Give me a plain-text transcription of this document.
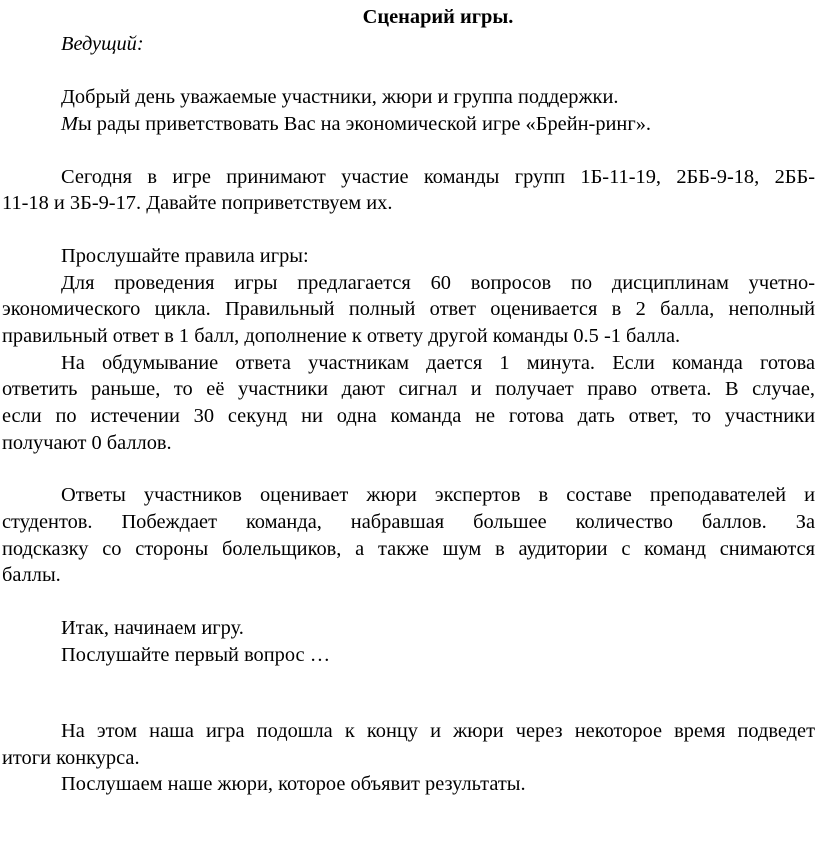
Сценарий игры.
Ведущий:
Добрый день уважаемые участники, жюри и группа поддержки.
Мы рады приветствовать Вас на экономической игре «Брейн-ринг».
Сегодня в игре принимают участие команды групп 1Б-11-19, 2ББ-9-18, 2ББ-
11-18 и 3Б-9-17. Давайте поприветствуем их.
Прослушайте правила игры:
Для проведения игры предлагается 60 вопросов по дисциплинам учетно-
экономического цикла. Правильный полный ответ оценивается в 2 балла, неполный
правильный ответ в 1 балл, дополнение к ответу другой команды 0.5 -1 балла.
На обдумывание ответа участникам дается 1 минута. Если команда готова
ответить раньше, то её участники дают сигнал и получает право ответа. В случае,
если по истечении 30 секунд ни одна команда не готова дать ответ, то участники
получают 0 баллов.
Ответы участников оценивает жюри экспертов в составе преподавателей и
студентов. Побеждает команда, набравшая большее количество баллов. За
подсказку со стороны болельщиков, а также шум в аудитории с команд снимаются
баллы.
Итак, начинаем игру.
Послушайте первый вопрос …
На этом наша игра подошла к концу и жюри через некоторое время подведет
итоги конкурса.
Послушаем наше жюри, которое объявит результаты.
